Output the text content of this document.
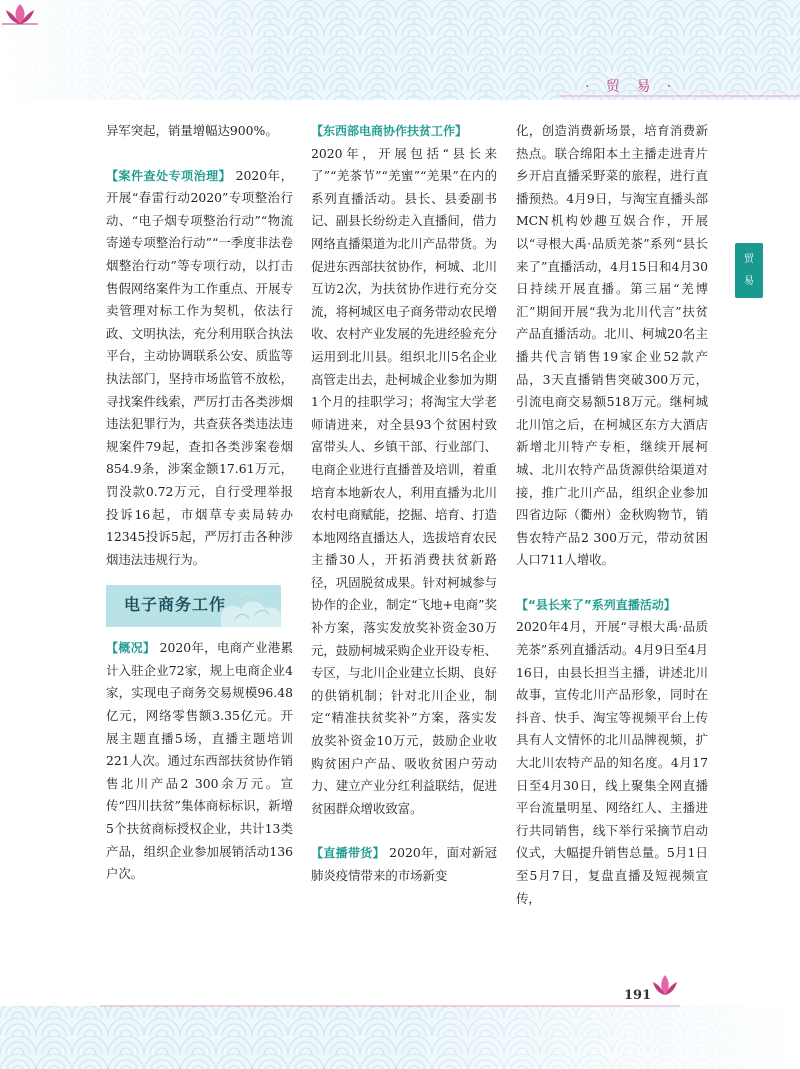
· 贸 易 ·
贸
易

异军突起，销量增幅达900%。

【案件查处专项治理】 2020年，开展“春雷行动2020”专项整治行动、“电子烟专项整治行动”“物流寄递专项整治行动”“一季度非法卷烟整治行动”等专项行动，以打击售假网络案件为工作重点、开展专卖管理对标工作为契机，依法行政、文明执法，充分利用联合执法平台，主动协调联系公安、质监等执法部门，坚持市场监管不放松，寻找案件线索，严厉打击各类涉烟违法犯罪行为，共查获各类违法违规案件79起，查扣各类涉案卷烟854.9条，涉案金额17.61万元，罚没款0.72万元，自行受理举报投诉16起，市烟草专卖局转办12345投诉5起，严厉打击各种涉烟违法违规行为。

电子商务工作

【概况】 2020年，电商产业港累计入驻企业72家，规上电商企业4家，实现电子商务交易规模96.48亿元，网络零售额3.35亿元。开展主题直播5场，直播主题培训221人次。通过东西部扶贫协作销售北川产品2 300余万元。宣传“四川扶贫”集体商标标识，新增5个扶贫商标授权企业，共计13类产品，组织企业参加展销活动136户次。

【东西部电商协作扶贫工作】
2020年，开展包括“县长来了”“羌茶节”“羌蜜”“羌果”在内的系列直播活动。县长、县委副书记、副县长纷纷走入直播间，借力网络直播渠道为北川产品带货。为促进东西部扶贫协作，柯城、北川互访2次，为扶贫协作进行充分交流，将柯城区电子商务带动农民增收、农村产业发展的先进经验充分运用到北川县。组织北川5名企业高管走出去，赴柯城企业参加为期1个月的挂职学习；将淘宝大学老师请进来，对全县93个贫困村致富带头人、乡镇干部、行业部门、电商企业进行直播普及培训，着重培育本地新农人，利用直播为北川农村电商赋能，挖掘、培育、打造本地网络直播达人，选拔培育农民主播30人，开拓消费扶贫新路径，巩固脱贫成果。针对柯城参与协作的企业，制定“飞地+电商”奖补方案，落实发放奖补资金30万元，鼓励柯城采购企业开设专柜、专区，与北川企业建立长期、良好的供销机制；针对北川企业，制定“精准扶贫奖补”方案，落实发放奖补资金10万元，鼓励企业收购贫困户产品、吸收贫困户劳动力、建立产业分红利益联结，促进贫困群众增收致富。

【直播带货】 2020年，面对新冠肺炎疫情带来的市场新变

化，创造消费新场景，培育消费新热点。联合绵阳本土主播走进青片乡开启直播采野菜的旅程，进行直播预热。4月9日，与淘宝直播头部MCN机构妙趣互娱合作，开展以“寻根大禹·品质羌茶”系列“县长来了”直播活动，4月15日和4月30日持续开展直播。第三届“羌博汇”期间开展“我为北川代言”扶贫产品直播活动。北川、柯城20名主播共代言销售19家企业52款产品，3天直播销售突破300万元，引流电商交易额518万元。继柯城北川馆之后，在柯城区东方大酒店新增北川特产专柜，继续开展柯城、北川农特产品货源供给渠道对接，推广北川产品，组织企业参加四省边际（衢州）金秋购物节，销售农特产品2 300万元，带动贫困人口711人增收。

【“县长来了”系列直播活动】
2020年4月，开展“寻根大禹·品质羌茶”系列直播活动。4月9日至4月16日，由县长担当主播，讲述北川故事，宣传北川产品形象，同时在抖音、快手、淘宝等视频平台上传具有人文情怀的北川品牌视频，扩大北川农特产品的知名度。4月17日至4月30日，线上聚集全网直播平台流量明星、网络红人、主播进行共同销售，线下举行采摘节启动仪式，大幅提升销售总量。5月1日至5月7日，复盘直播及短视频宣传，

191
